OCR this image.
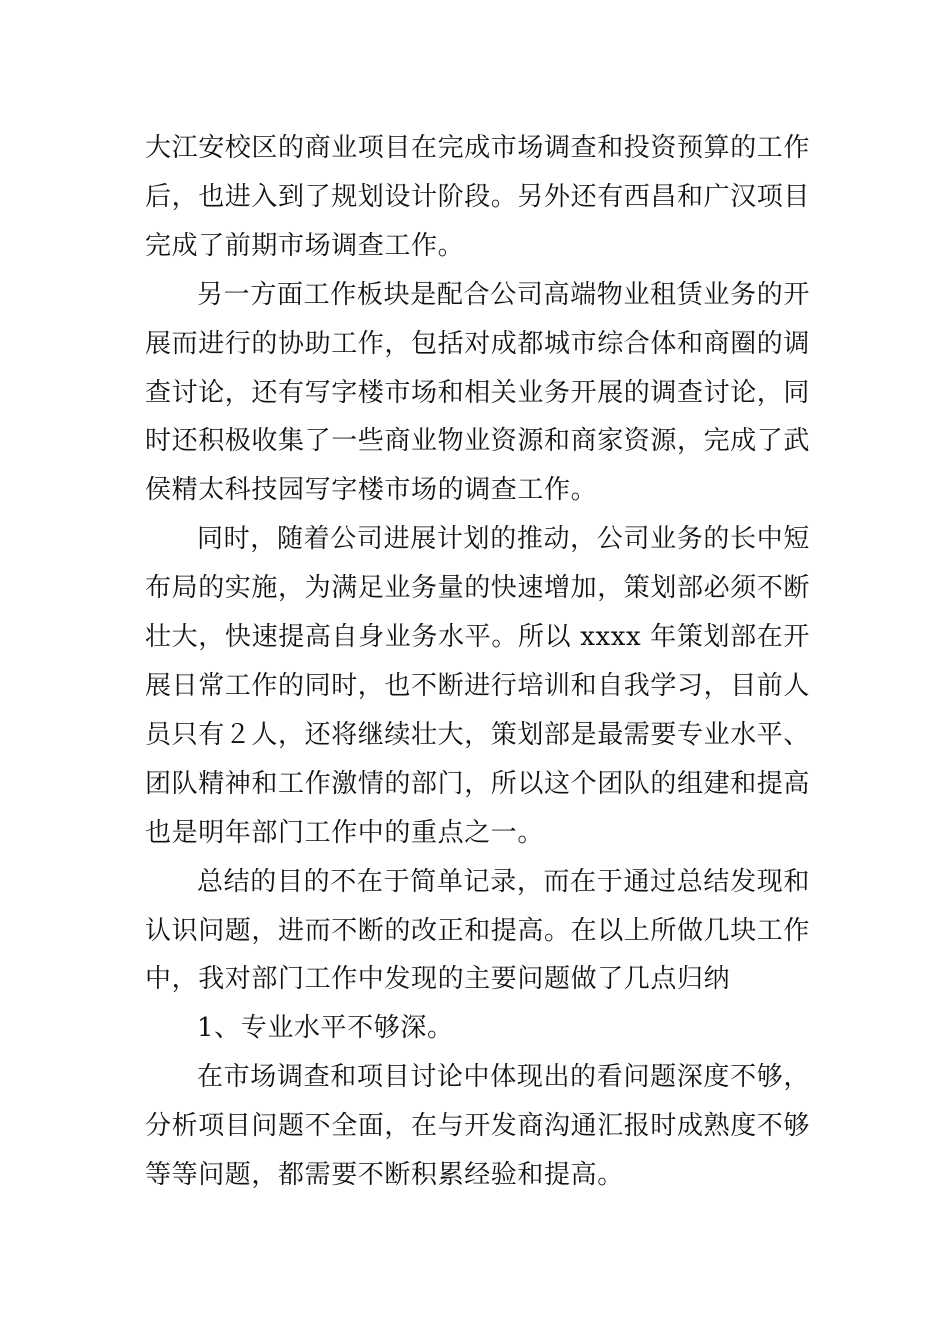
大江安校区的商业项目在完成市场调查和投资预算的工作后，也进入到了规划设计阶段。另外还有西昌和广汉项目完成了前期市场调查工作。

另一方面工作板块是配合公司高端物业租赁业务的开展而进行的协助工作，包括对成都城市综合体和商圈的调查讨论，还有写字楼市场和相关业务开展的调查讨论，同时还积极收集了一些商业物业资源和商家资源，完成了武侯精太科技园写字楼市场的调查工作。

同时，随着公司进展计划的推动，公司业务的长中短布局的实施，为满足业务量的快速增加，策划部必须不断壮大，快速提高自身业务水平。所以 xxxx 年策划部在开展日常工作的同时，也不断进行培训和自我学习，目前人员只有２人，还将继续壮大，策划部是最需要专业水平、团队精神和工作激情的部门，所以这个团队的组建和提高也是明年部门工作中的重点之一。

总结的目的不在于简单记录，而在于通过总结发现和认识问题，进而不断的改正和提高。在以上所做几块工作中，我对部门工作中发现的主要问题做了几点归纳

1、专业水平不够深。

在市场调查和项目讨论中体现出的看问题深度不够，分析项目问题不全面，在与开发商沟通汇报时成熟度不够等等问题，都需要不断积累经验和提高。
